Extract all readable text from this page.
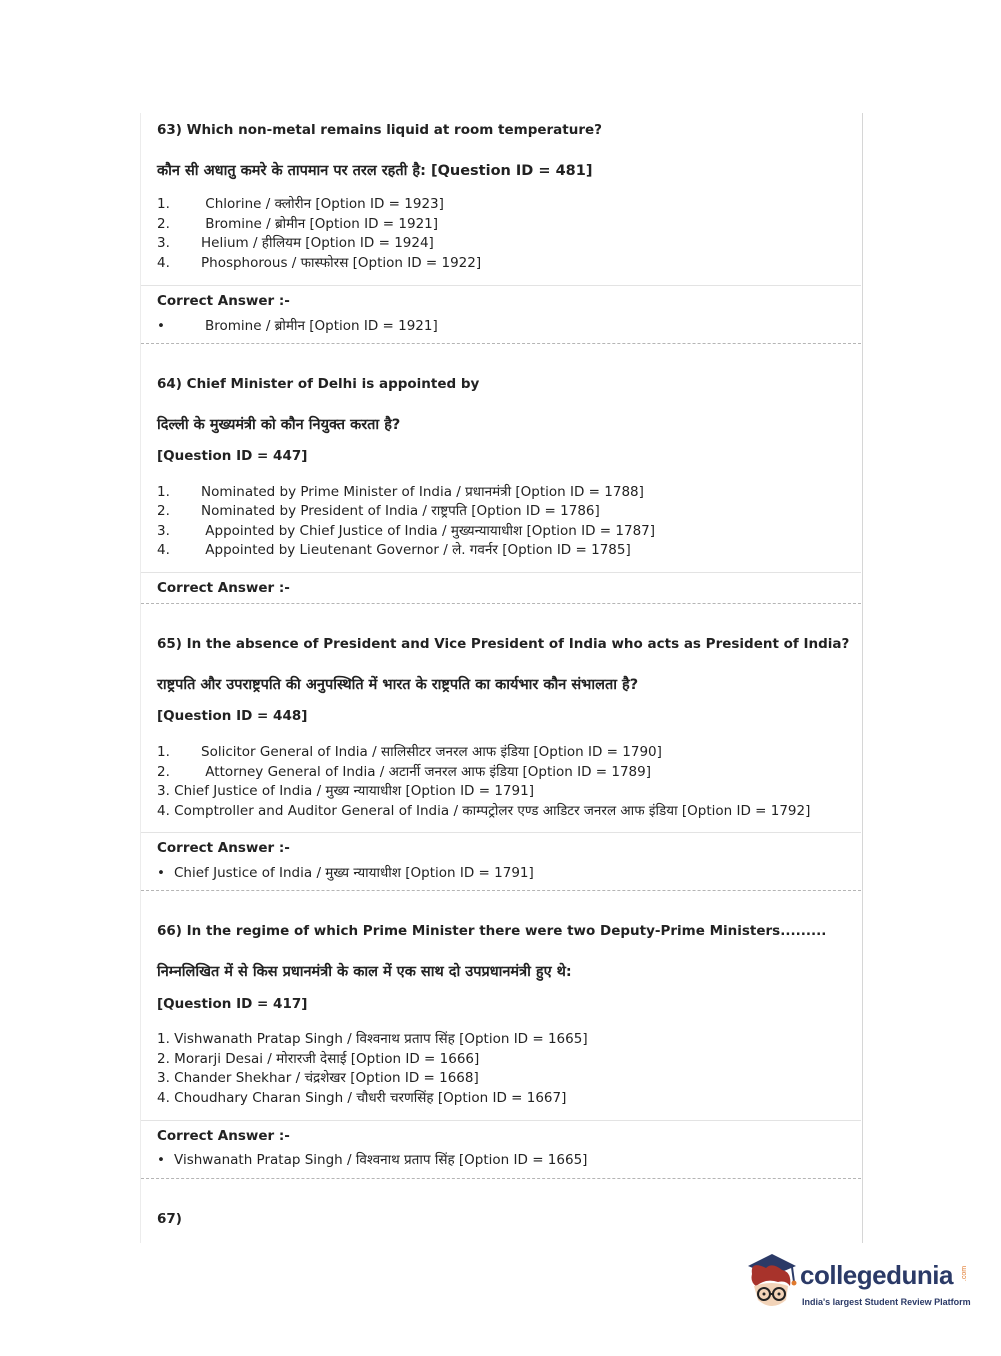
63) Which non-metal remains liquid at room temperature?
कौन सी अधातु कमरे के तापमान पर तरल रहती है: [Question ID = 481]
1. Chlorine / क्लोरीन [Option ID = 1923]
2. Bromine / ब्रोमीन [Option ID = 1921]
3. Helium / हीलियम [Option ID = 1924]
4. Phosphorous / फास्फोरस [Option ID = 1922]
Correct Answer :-
•	Bromine / ब्रोमीन [Option ID = 1921]
64) Chief Minister of Delhi is appointed by
दिल्ली के मुख्यमंत्री को कौन नियुक्त करता है?
[Question ID = 447]
1. Nominated by Prime Minister of India / प्रधानमंत्री [Option ID = 1788]
2. Nominated by President of India / राष्ट्रपति [Option ID = 1786]
3. Appointed by Chief Justice of India / मुख्यन्यायाधीश [Option ID = 1787]
4. Appointed by Lieutenant Governor / ले. गवर्नर [Option ID = 1785]
Correct Answer :-
65) In the absence of President and Vice President of India who acts as President of India?
राष्ट्रपति और उपराष्ट्रपति की अनुपस्थिति में भारत के राष्ट्रपति का कार्यभार कौन संभालता है?
[Question ID = 448]
1. Solicitor General of India / सालिसीटर जनरल आफ इंडिया [Option ID = 1790]
2. Attorney General of India / अटार्नी जनरल आफ इंडिया [Option ID = 1789]
3. Chief Justice of India / मुख्य न्यायाधीश [Option ID = 1791]
4. Comptroller and Auditor General of India / काम्पट्रोलर एण्ड आडिटर जनरल आफ इंडिया [Option ID = 1792]
Correct Answer :-
• Chief Justice of India / मुख्य न्यायाधीश [Option ID = 1791]
66) In the regime of which Prime Minister there were two Deputy-Prime Ministers.........
निम्नलिखित में से किस प्रधानमंत्री के काल में एक साथ दो उपप्रधानमंत्री हुए थे:
[Question ID = 417]
1. Vishwanath Pratap Singh / विश्वनाथ प्रताप सिंह [Option ID = 1665]
2. Morarji Desai / मोरारजी देसाई [Option ID = 1666]
3. Chander Shekhar / चंद्रशेखर [Option ID = 1668]
4. Choudhary Charan Singh / चौधरी चरणसिंह [Option ID = 1667]
Correct Answer :-
• Vishwanath Pratap Singh / विश्वनाथ प्रताप सिंह [Option ID = 1665]
67)
collegedunia .com
India's largest Student Review Platform
